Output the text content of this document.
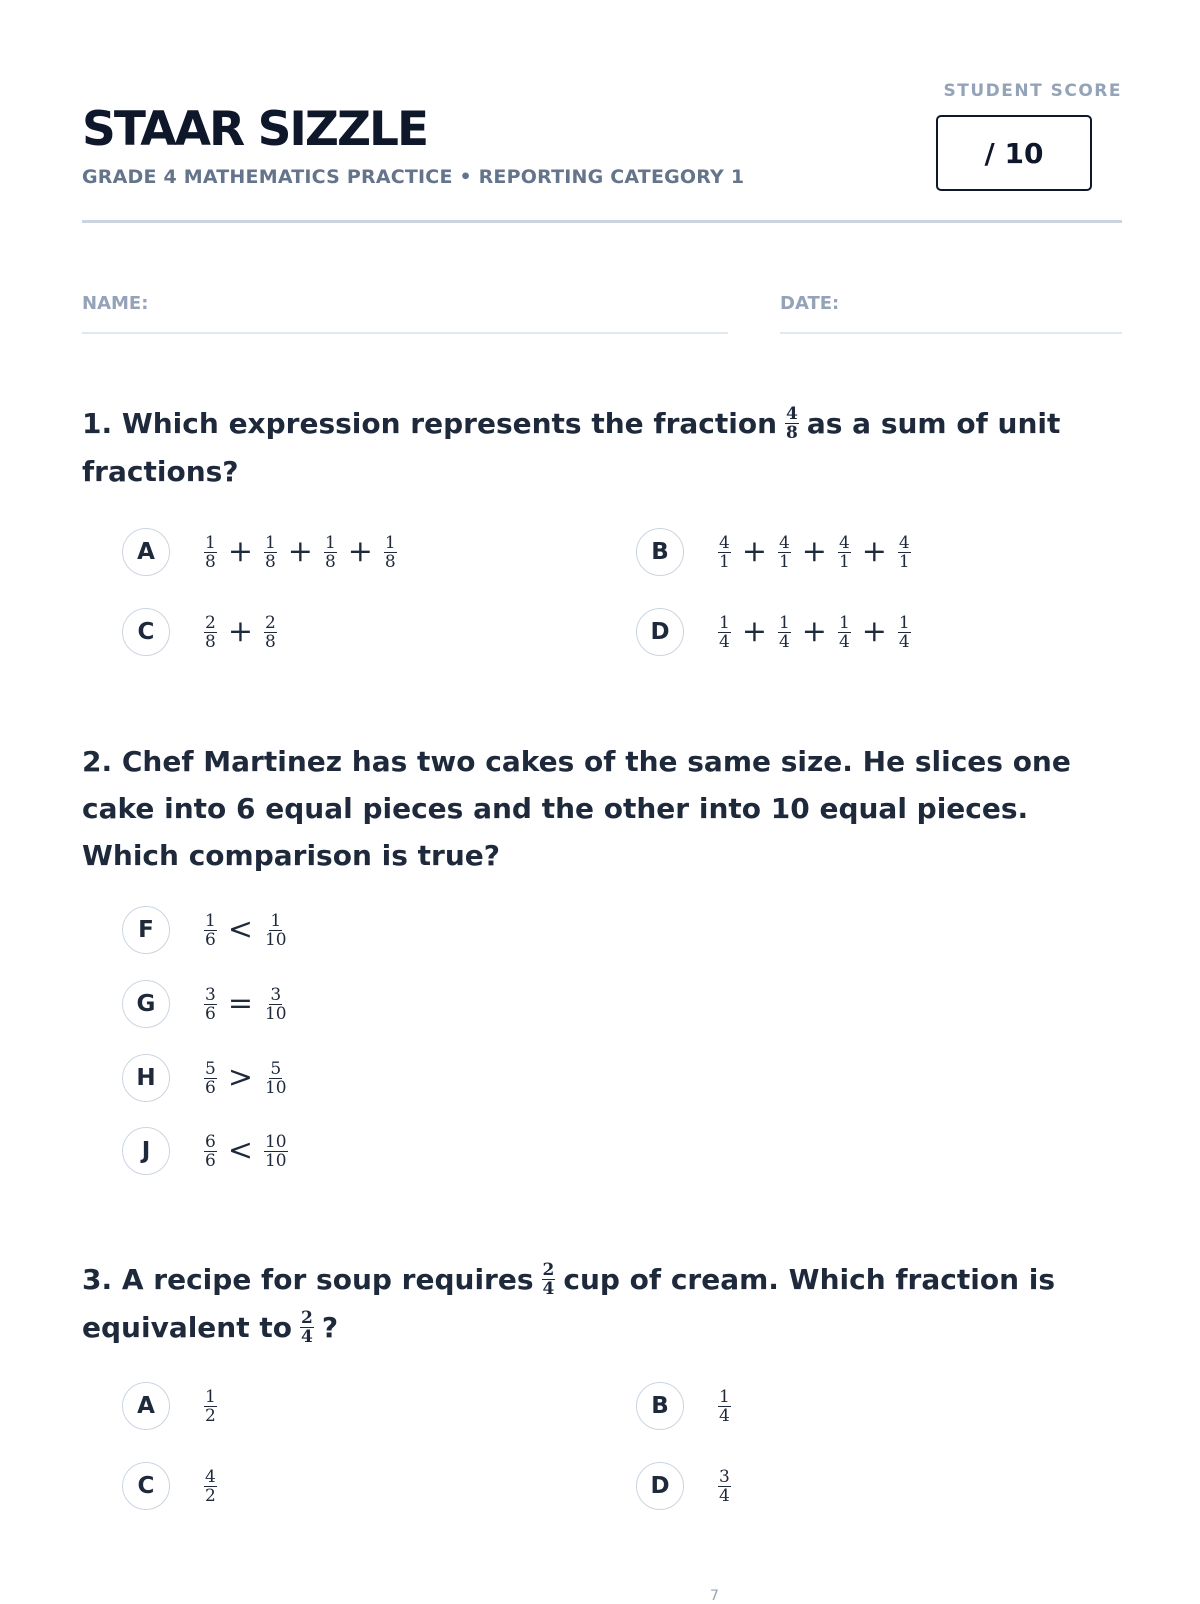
STAAR SIZZLE
GRADE 4 MATHEMATICS PRACTICE • REPORTING CATEGORY 1
STUDENT SCORE
/ 10
NAME:	DATE:
1. Which expression represents the fraction $\frac{4}{8}$ as a sum of unit
fractions?
A	$\frac{1}{8} + \frac{1}{8} + \frac{1}{8} + \frac{1}{8}$	B	$\frac{4}{1} + \frac{4}{1} + \frac{4}{1} + \frac{4}{1}$
C	$\frac{2}{8} + \frac{2}{8}$	D	$\frac{1}{4} + \frac{1}{4} + \frac{1}{4} + \frac{1}{4}$
2. Chef Martinez has two cakes of the same size. He slices one cake into 6 equal pieces and the other into 10 equal pieces. Which comparison is true?
F	$\frac{1}{6} < \frac{1}{10}$
G	$\frac{3}{6} = \frac{3}{10}$
H	$\frac{5}{6} > \frac{5}{10}$
J	$\frac{6}{6} < \frac{10}{10}$
3. A recipe for soup requires $\frac{2}{4}$ cup of cream. Which fraction is
equivalent to $\frac{2}{4}$ ?
A	$\frac{1}{2}$	B	$\frac{1}{4}$
C	$\frac{4}{2}$	D	$\frac{3}{4}$
7
